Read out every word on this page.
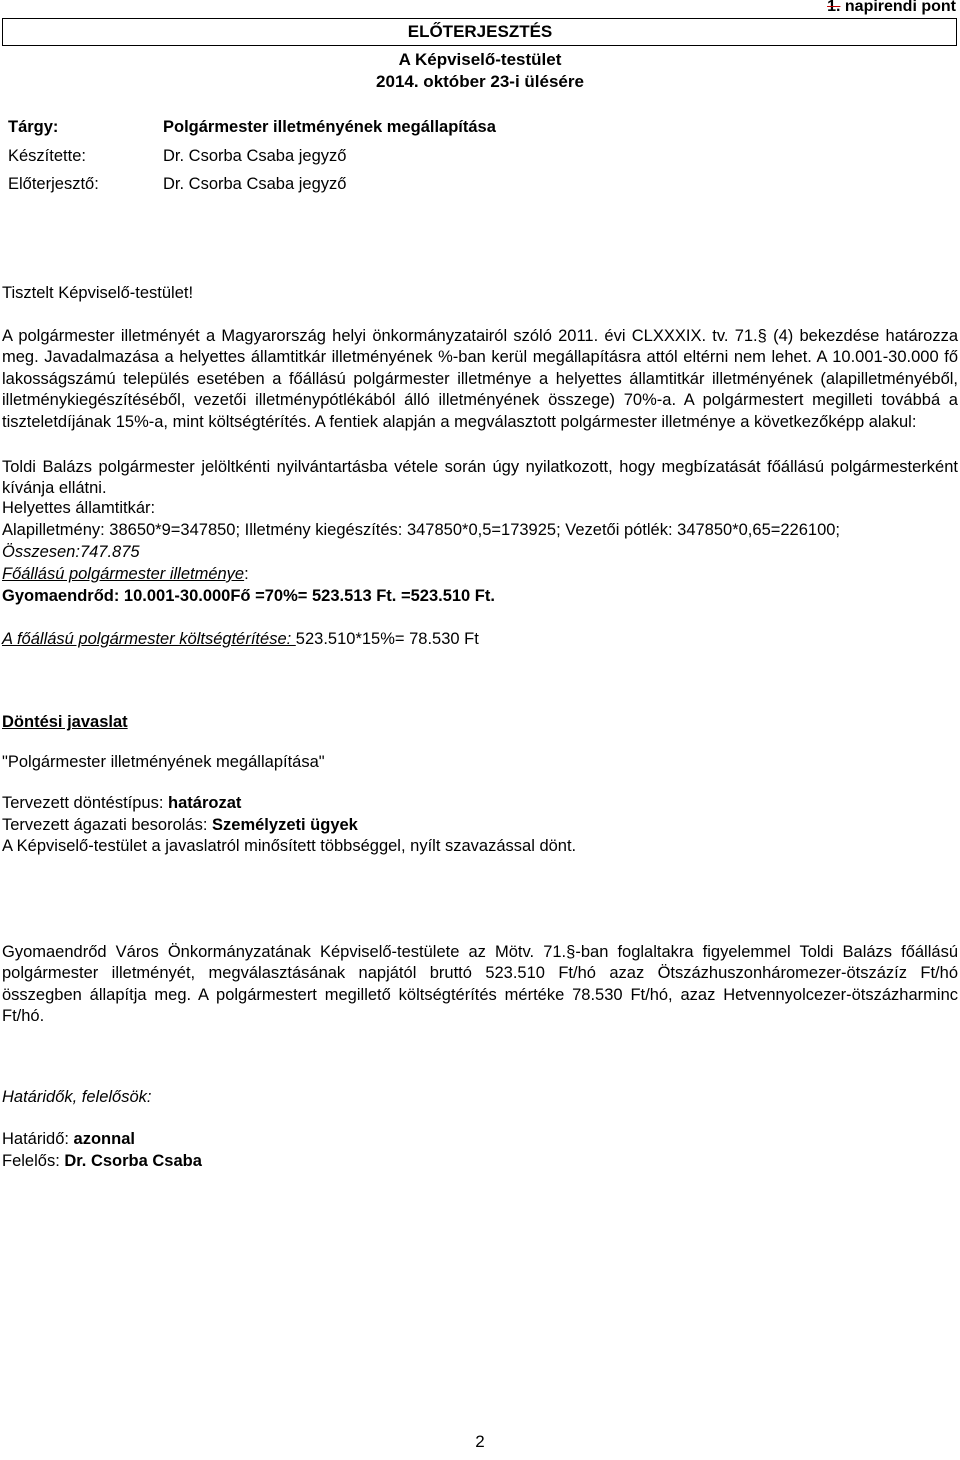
1. napirendi pont
ELŐTERJESZTÉS
A Képviselő-testület
2014. október 23-i ülésére
Tárgy:	Polgármester illetményének megállapítása
Készítette:	Dr. Csorba Csaba jegyző
Előterjesztő:	Dr. Csorba Csaba jegyző
Tisztelt Képviselő-testület!
A polgármester illetményét a Magyarország helyi önkormányzatairól szóló 2011. évi CLXXXIX. tv. 71.§ (4) bekezdése határozza meg. Javadalmazása a helyettes államtitkár illetményének %-ban kerül megállapításra attól eltérni nem lehet. A 10.001-30.000 fő lakosságszámú település esetében a főállású polgármester illetménye a helyettes államtitkár illetményének (alapilletményéből, illetménykiegészítéséből, vezetői illetménypótlékából álló illetményének összege) 70%-a. A polgármestert megilleti továbbá a tiszteletdíjának 15%-a, mint költségtérítés. A fentiek alapján a megválasztott polgármester illetménye a következőképp alakul:
Toldi Balázs polgármester jelöltkénti nyilvántartásba vétele során úgy nyilatkozott, hogy megbízatását főállású polgármesterként kívánja ellátni.
Helyettes államtitkár:
Alapilletmény: 38650*9=347850; Illetmény kiegészítés: 347850*0,5=173925; Vezetői pótlék: 347850*0,65=226100;
Összesen:747.875
Főállású polgármester illetménye:
Gyomaendrőd: 10.001-30.000Fő =70%= 523.513 Ft. =523.510 Ft.
A főállású polgármester költségtérítése: 523.510*15%= 78.530 Ft
Döntési javaslat
"Polgármester illetményének megállapítása"
Tervezett döntéstípus: határozat
Tervezett ágazati besorolás: Személyzeti ügyek
A Képviselő-testület a javaslatról minősített többséggel, nyílt szavazással dönt.
Gyomaendrőd Város Önkormányzatának Képviselő-testülete az Mötv. 71.§-ban foglaltakra figyelemmel Toldi Balázs főállású polgármester illetményét, megválasztásának napjától bruttó 523.510 Ft/hó azaz Ötszázhuszonháromezer-ötszázíz Ft/hó összegben állapítja meg. A polgármestert megillető költségtérítés mértéke 78.530 Ft/hó, azaz Hetvennyolcezer-ötszázharminc Ft/hó.
Határidők, felelősök:
Határidő: azonnal
Felelős: Dr. Csorba Csaba
2
